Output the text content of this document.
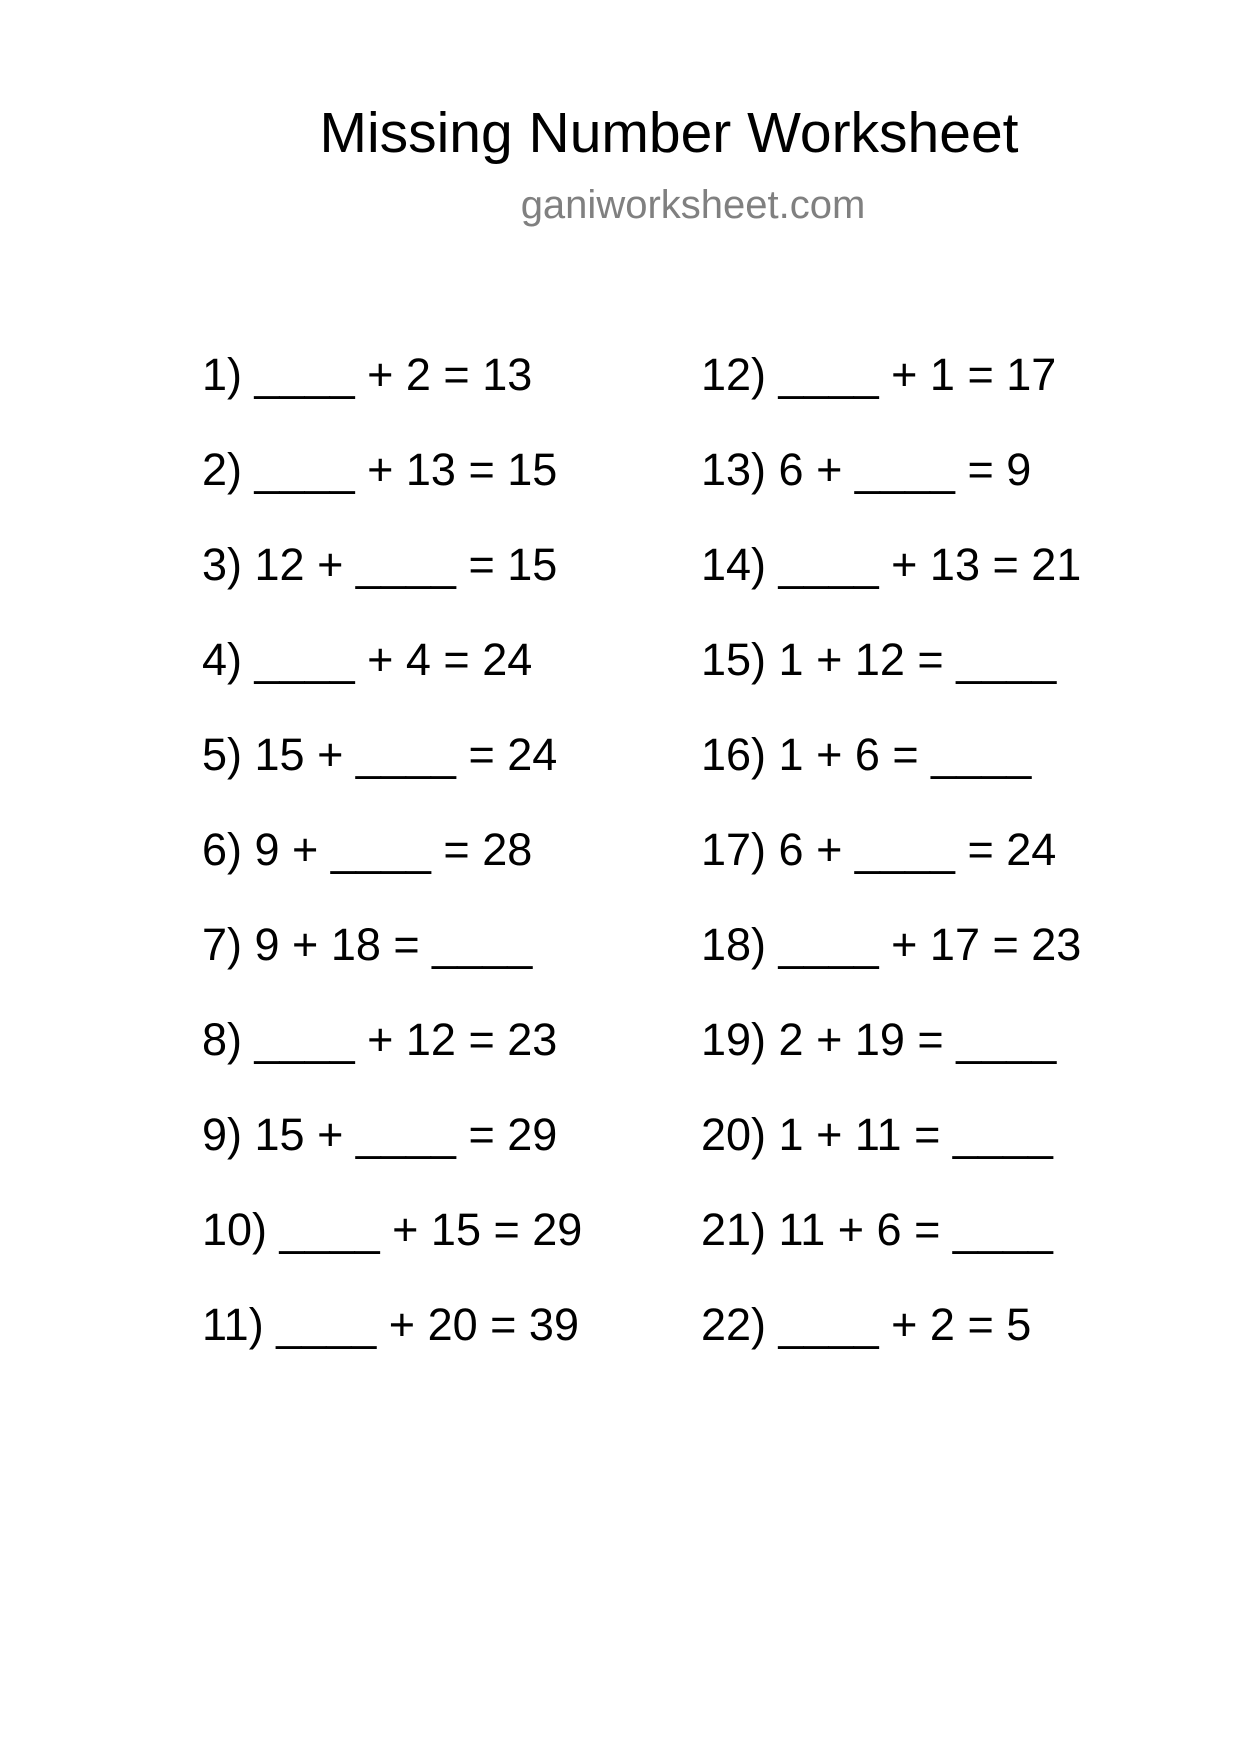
Missing Number Worksheet
ganiworksheet.com
1) ____ + 2 = 13
2) ____ + 13 = 15
3) 12 + ____ = 15
4) ____ + 4 = 24
5) 15 + ____ = 24
6) 9 + ____ = 28
7) 9 + 18 = ____
8) ____ + 12 = 23
9) 15 + ____ = 29
10) ____ + 15 = 29
11) ____ + 20 = 39
12) ____ + 1 = 17
13) 6 + ____ = 9
14) ____ + 13 = 21
15) 1 + 12 = ____
16) 1 + 6 = ____
17) 6 + ____ = 24
18) ____ + 17 = 23
19) 2 + 19 = ____
20) 1 + 11 = ____
21) 11 + 6 = ____
22) ____ + 2 = 5
